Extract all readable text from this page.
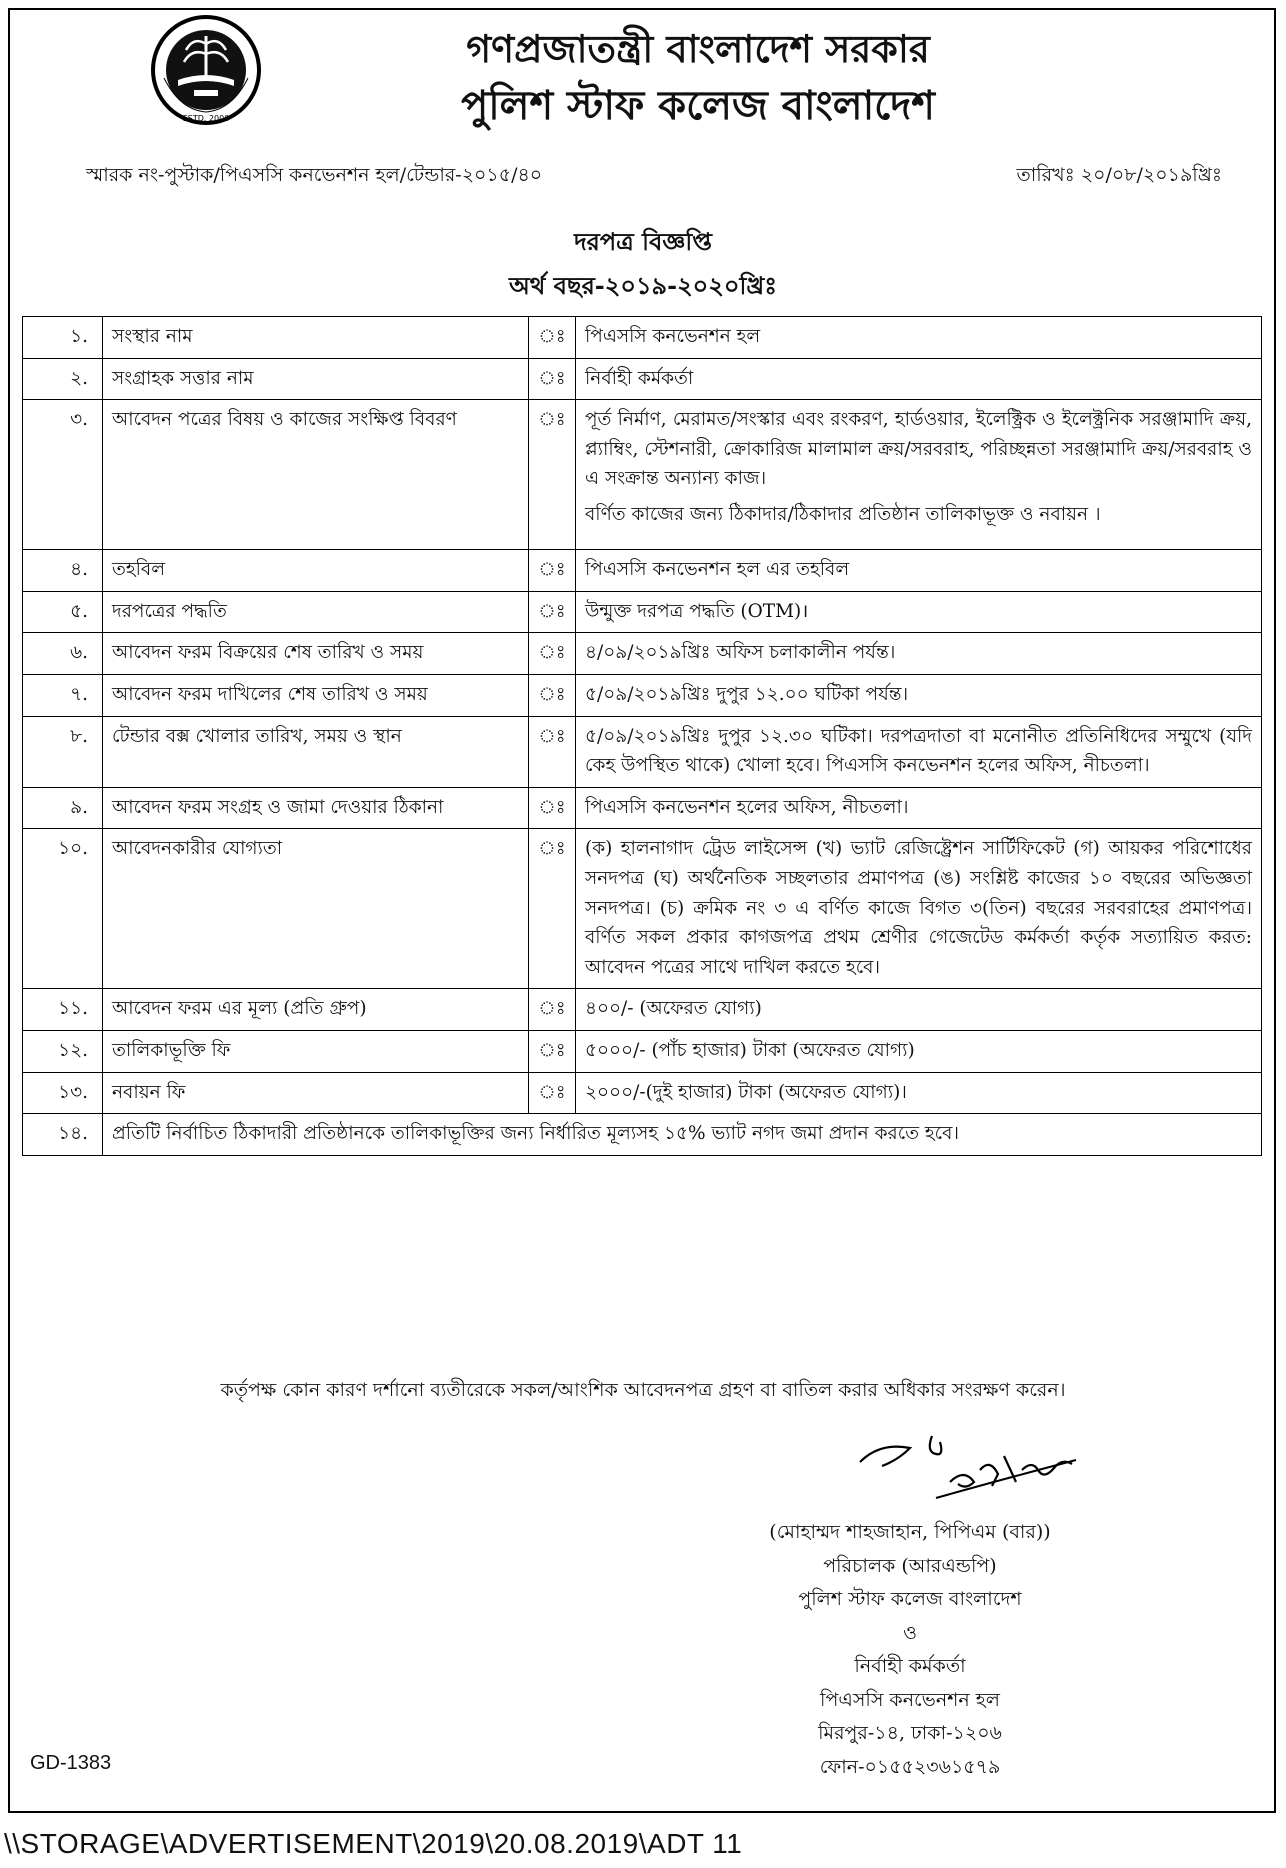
ESTD. 2000
গণপ্রজাতন্ত্রী বাংলাদেশ সরকার
পুলিশ স্টাফ কলেজ বাংলাদেশ
স্মারক নং-পুস্টাক/পিএসসি কনভেনশন হল/টেন্ডার-২০১৫/৪০	তারিখঃ ২০/০৮/২০১৯খ্রিঃ
দরপত্র বিজ্ঞপ্তি
অর্থ বছর-২০১৯-২০২০খ্রিঃ
১.	সংস্থার নাম	ঃ	পিএসসি কনভেনশন হল
২.	সংগ্রাহক সত্তার নাম	ঃ	নির্বাহী কর্মকর্তা
৩.	আবেদন পত্রের বিষয় ও কাজের সংক্ষিপ্ত বিবরণ	ঃ	পূর্ত নির্মাণ, মেরামত/সংস্কার এবং রংকরণ, হার্ডওয়ার, ইলেক্ট্রিক ও ইলেক্ট্রনিক সরঞ্জামাদি ক্রয়, প্ল্যাম্বিং, স্টেশনারী, ক্রোকারিজ মালামাল ক্রয়/সরবরাহ, পরিচ্ছন্নতা সরঞ্জামাদি ক্রয়/সরবরাহ ও এ সংক্রান্ত অন্যান্য কাজ।
বর্ণিত কাজের জন্য ঠিকাদার/ঠিকাদার প্রতিষ্ঠান তালিকাভূক্ত ও নবায়ন ।

৪.	তহবিল	ঃ	পিএসসি কনভেনশন হল এর তহবিল
৫.	দরপত্রের পদ্ধতি	ঃ	উন্মুক্ত দরপত্র পদ্ধতি (OTM)।
৬.	আবেদন ফরম বিক্রয়ের শেষ তারিখ ও সময়	ঃ	৪/০৯/২০১৯খ্রিঃ অফিস চলাকালীন পর্যন্ত।
৭.	আবেদন ফরম দাখিলের শেষ তারিখ ও সময়	ঃ	৫/০৯/২০১৯খ্রিঃ দুপুর ১২.০০ ঘটিকা পর্যন্ত।
৮.	টেন্ডার বক্স খোলার তারিখ, সময় ও স্থান	ঃ	৫/০৯/২০১৯খ্রিঃ দুপুর ১২.৩০ ঘটিকা। দরপত্রদাতা বা মনোনীত প্রতিনিধিদের সম্মুখে (যদি কেহ উপস্থিত থাকে) খোলা হবে। পিএসসি কনভেনশন হলের অফিস, নীচতলা।
৯.	আবেদন ফরম সংগ্রহ ও জামা দেওয়ার ঠিকানা	ঃ	পিএসসি কনভেনশন হলের অফিস, নীচতলা।
১০.	আবেদনকারীর যোগ্যতা	ঃ	(ক) হালনাগাদ ট্রেড লাইসেন্স (খ) ভ্যাট রেজিষ্ট্রেশন সার্টিফিকেট (গ) আয়কর পরিশোধের সনদপত্র (ঘ) অর্থনৈতিক সচ্ছলতার প্রমাণপত্র (ঙ) সংশ্লিষ্ট কাজের ১০ বছরের অভিজ্ঞতা সনদপত্র। (চ) ক্রমিক নং ৩ এ বর্ণিত কাজে বিগত ৩(তিন) বছরের সরবরাহের প্রমাণপত্র। বর্ণিত সকল প্রকার কাগজপত্র প্রথম শ্রেণীর গেজেটেড কর্মকর্তা কর্তৃক সত্যায়িত করত: আবেদন পত্রের সাথে দাখিল করতে হবে।
১১.	আবেদন ফরম এর মূল্য (প্রতি গ্রুপ)	ঃ	৪০০/- (অফেরত যোগ্য)
১২.	তালিকাভূক্তি ফি	ঃ	৫০০০/- (পাঁচ হাজার) টাকা (অফেরত যোগ্য)
১৩.	নবায়ন ফি	ঃ	২০০০/-(দুই হাজার) টাকা (অফেরত যোগ্য)।
১৪.	প্রতিটি নির্বাচিত ঠিকাদারী প্রতিষ্ঠানকে তালিকাভূক্তির জন্য নির্ধারিত মূল্যসহ ১৫% ভ্যাট নগদ জমা প্রদান করতে হবে।		
কর্তৃপক্ষ কোন কারণ দর্শানো ব্যতীরেকে সকল/আংশিক আবেদনপত্র গ্রহণ বা বাতিল করার অধিকার সংরক্ষণ করেন।
(মোহাম্মদ শাহজাহান, পিপিএম (বার))
পরিচালক (আরএন্ডপি)
পুলিশ স্টাফ কলেজ বাংলাদেশ
ও
নির্বাহী কর্মকর্তা
পিএসসি কনভেনশন হল
মিরপুর-১৪, ঢাকা-১২০৬
ফোন-০১৫৫২৩৬১৫৭৯
GD-1383
\\STORAGE\ADVERTISEMENT\2019\20.08.2019\ADT 11
